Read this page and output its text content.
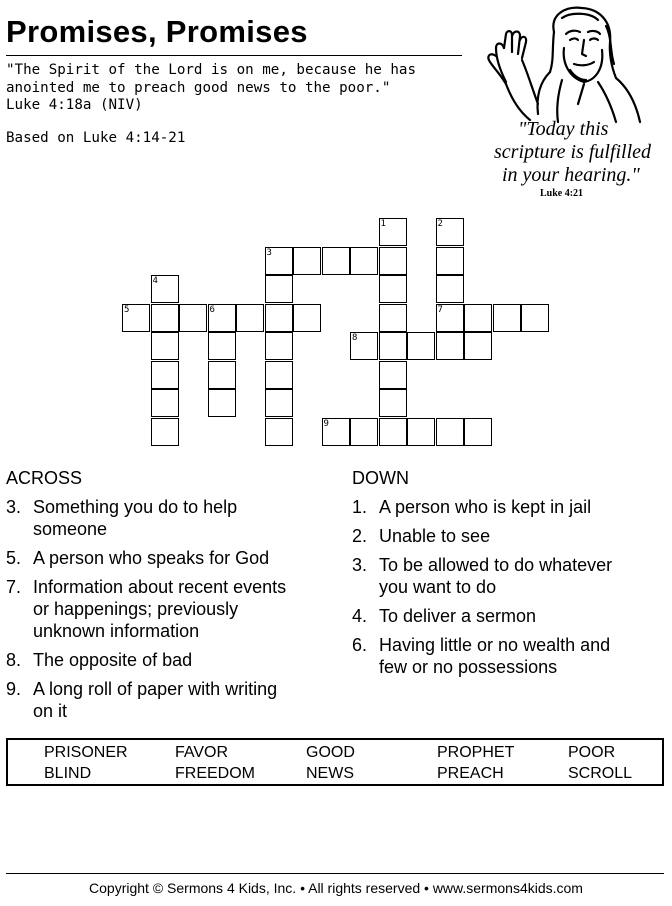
Promises, Promises
"The Spirit of the Lord is on me, because he has
anointed me to preach good news to the poor."
Luke 4:18a (NIV)
Based on Luke 4:14-21	"Today this
scripture is fulfilled
in your hearing."
Luke 4:21
5	6
3
7
8
9
1	2
4
ACROSS
3. Something you do to help
someone
5. A person who speaks for God
7. Information about recent events
or happenings; previously
unknown information
8. The opposite of bad
9. A long roll of paper with writing
on it
DOWN
1. A person who is kept in jail
2. Unable to see
3. To be allowed to do whatever
you want to do
4. To deliver a sermon
6. Having little or no wealth and
few or no possessions
PRISONER	FAVOR	GOOD	PROPHET	POOR
BLIND	FREEDOM	NEWS	PREACH	SCROLL
Copyright © Sermons 4 Kids, Inc. • All rights reserved • www.sermons4kids.com
